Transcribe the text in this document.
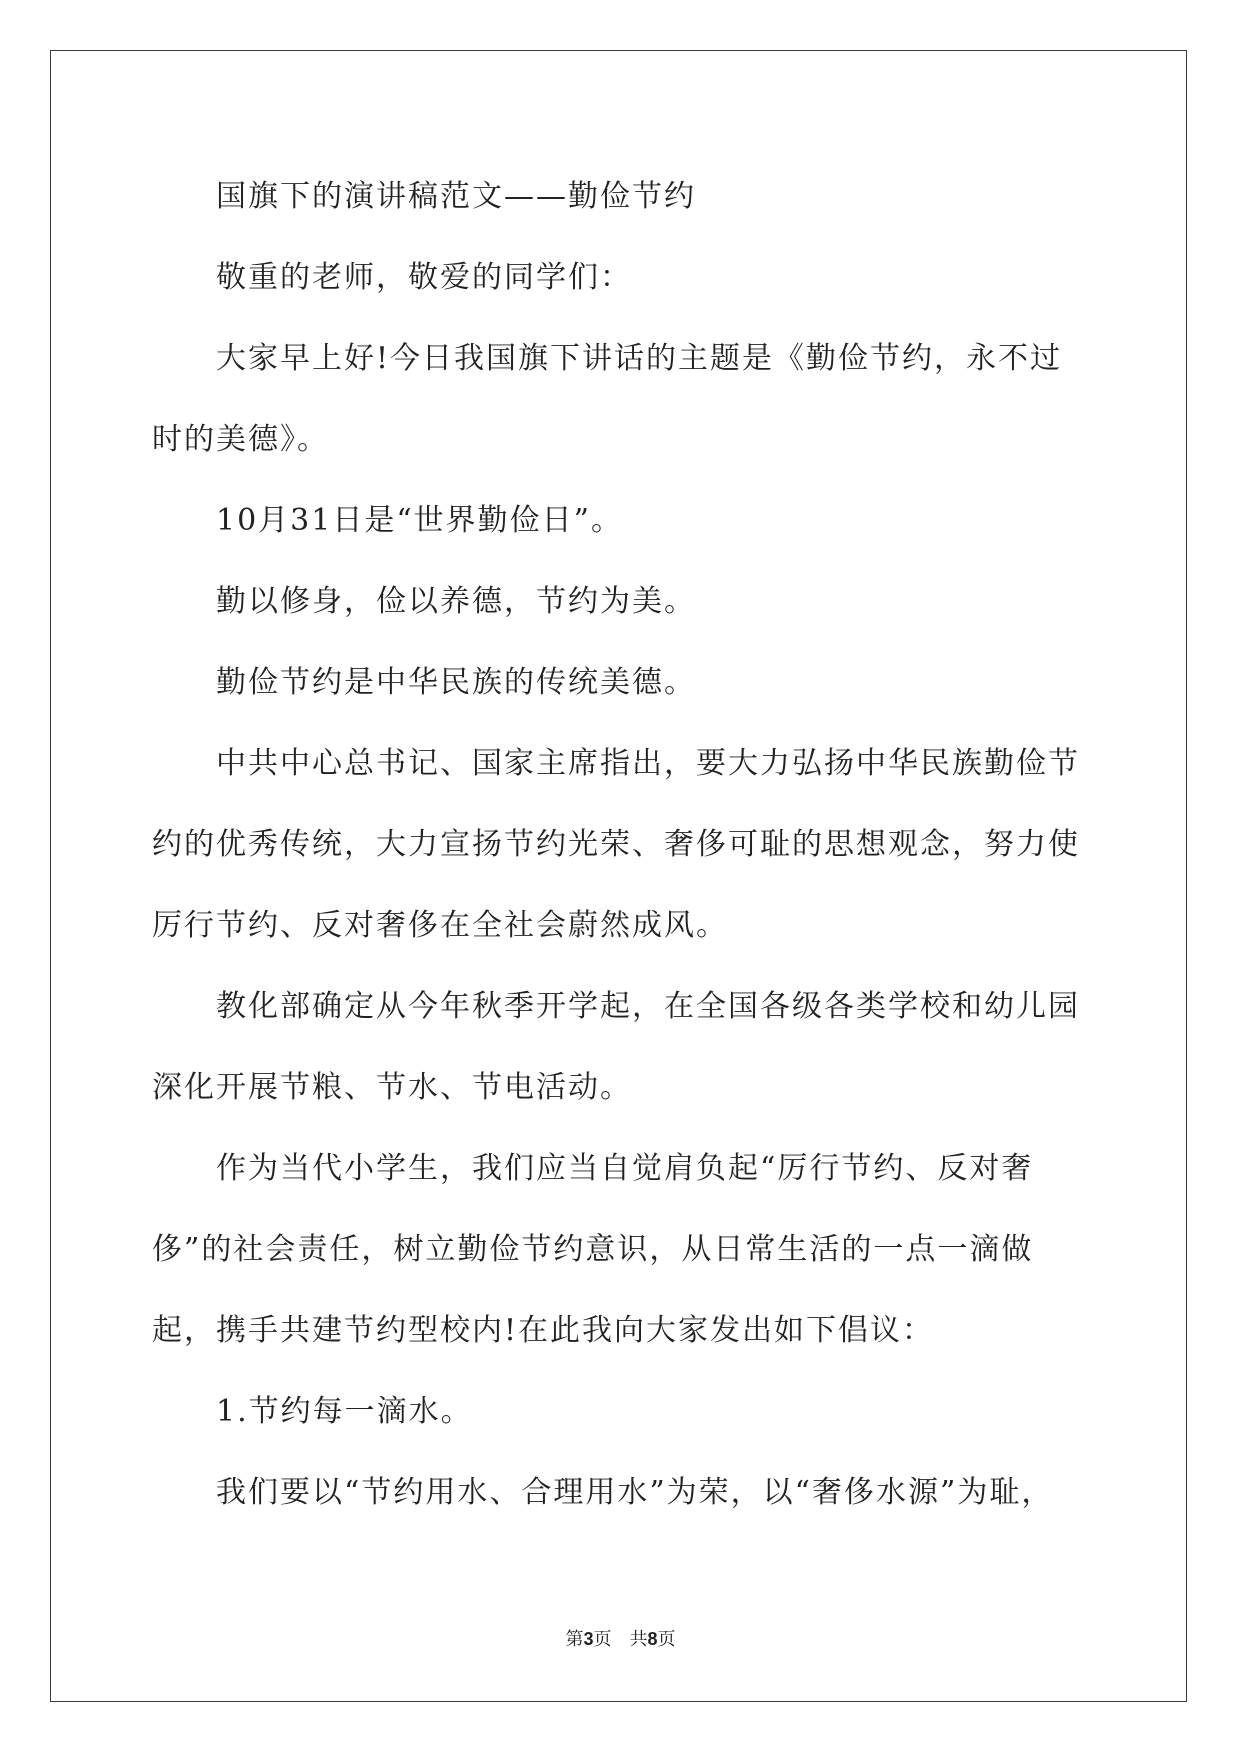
国旗下的演讲稿范文——勤俭节约

敬重的老师，敬爱的同学们：

大家早上好!今日我国旗下讲话的主题是《勤俭节约，永不过时的美德》。

10月31日是“世界勤俭日”。

勤以修身，俭以养德，节约为美。

勤俭节约是中华民族的传统美德。

中共中心总书记、国家主席指出，要大力弘扬中华民族勤俭节约的优秀传统，大力宣扬节约光荣、奢侈可耻的思想观念，努力使厉行节约、反对奢侈在全社会蔚然成风。

教化部确定从今年秋季开学起，在全国各级各类学校和幼儿园深化开展节粮、节水、节电活动。

作为当代小学生，我们应当自觉肩负起“厉行节约、反对奢侈”的社会责任，树立勤俭节约意识，从日常生活的一点一滴做起，携手共建节约型校内!在此我向大家发出如下倡议：

1.节约每一滴水。

我们要以“节约用水、合理用水”为荣，以“奢侈水源”为耻，

第3页 共8页
